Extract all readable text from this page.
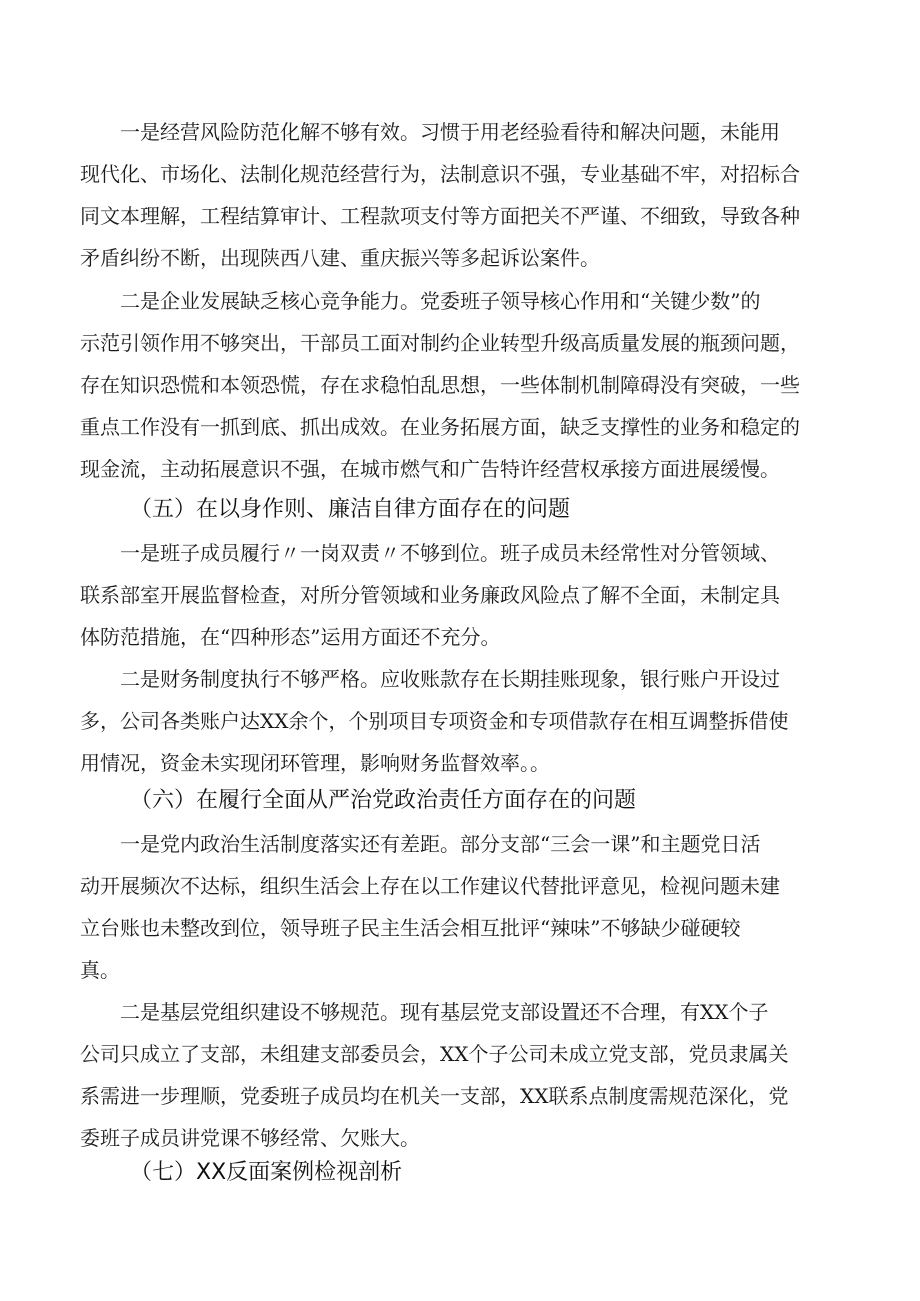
一是经营风险防范化解不够有效。习惯于用老经验看待和解决问题，未能用
现代化、市场化、法制化规范经营行为，法制意识不强，专业基础不牢，对招标合
同文本理解，工程结算审计、工程款项支付等方面把关不严谨、不细致，导致各种
矛盾纠纷不断，出现陕西八建、重庆振兴等多起诉讼案件。
二是企业发展缺乏核心竞争能力。党委班子领导核心作用和“关键少数”的
示范引领作用不够突出，干部员工面对制约企业转型升级高质量发展的瓶颈问题，
存在知识恐慌和本领恐慌，存在求稳怕乱思想，一些体制机制障碍没有突破，一些
重点工作没有一抓到底、抓出成效。在业务拓展方面，缺乏支撑性的业务和稳定的
现金流，主动拓展意识不强，在城市燃气和广告特许经营权承接方面进展缓慢。
（五）在以身作则、廉洁自律方面存在的问题
一是班子成员履行〃一岗双责〃不够到位。班子成员未经常性对分管领域、
联系部室开展监督检查，对所分管领域和业务廉政风险点了解不全面，未制定具
体防范措施，在“四种形态”运用方面还不充分。
二是财务制度执行不够严格。应收账款存在长期挂账现象，银行账户开设过
多，公司各类账户达XX余个，个别项目专项资金和专项借款存在相互调整拆借使
用情况，资金未实现闭环管理，影响财务监督效率。。
（六）在履行全面从严治党政治责任方面存在的问题
一是党内政治生活制度落实还有差距。部分支部“三会一课”和主题党日活
动开展频次不达标，组织生活会上存在以工作建议代替批评意见，检视问题未建
立台账也未整改到位，领导班子民主生活会相互批评“辣味”不够缺少碰硬较
真。
二是基层党组织建设不够规范。现有基层党支部设置还不合理，有XX个子
公司只成立了支部，未组建支部委员会，XX个子公司未成立党支部，党员隶属关
系需进一步理顺，党委班子成员均在机关一支部，XX联系点制度需规范深化，党
委班子成员讲党课不够经常、欠账大。
（七）XX反面案例检视剖析
